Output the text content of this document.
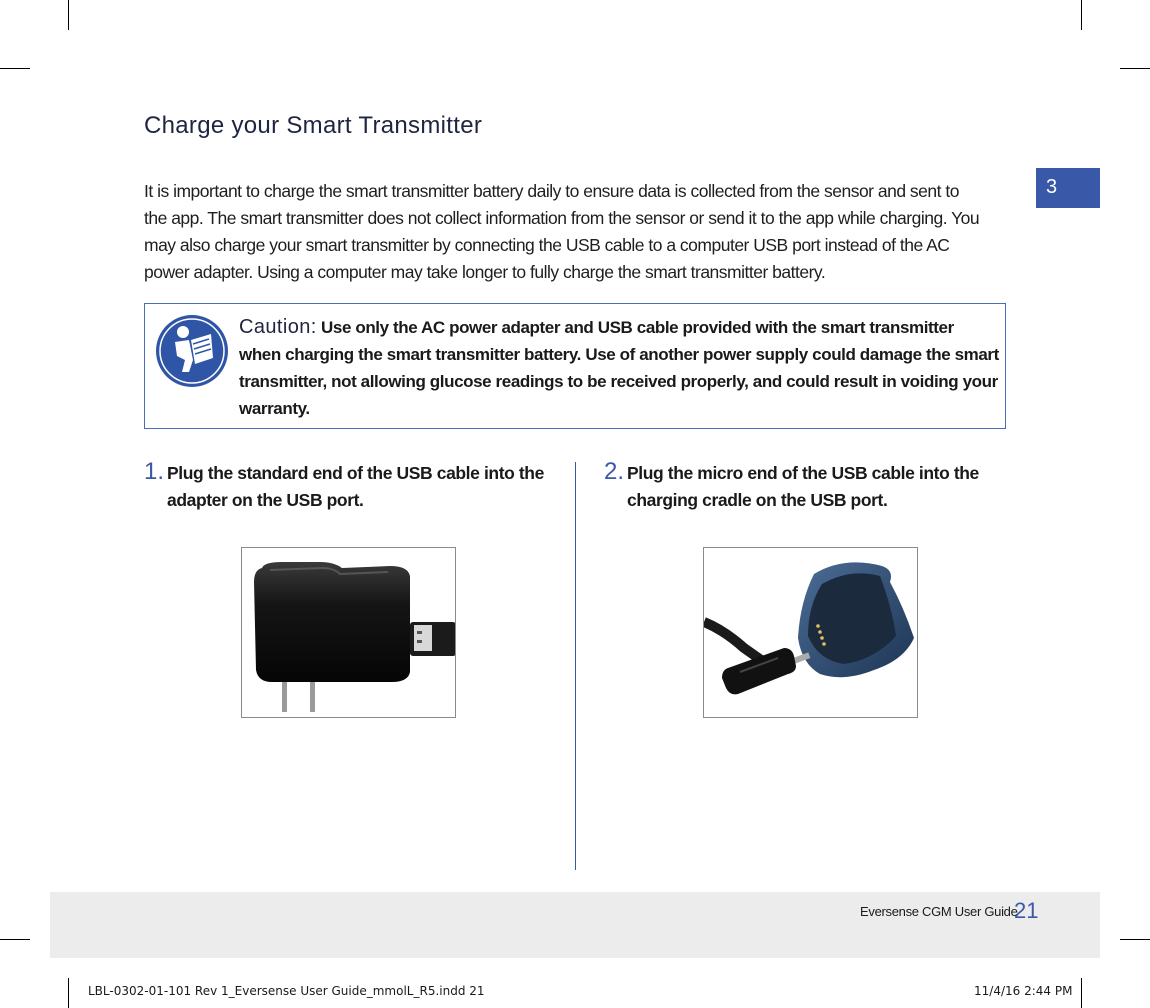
Charge your Smart Transmitter
3
It is important to charge the smart transmitter battery daily to ensure data is collected from the sensor and sent to the app. The smart transmitter does not collect information from the sensor or send it to the app while charging. You may also charge your smart transmitter by connecting the USB cable to a computer USB port instead of the AC power adapter. Using a computer may take longer to fully charge the smart transmitter battery.
Caution: Use only the AC power adapter and USB cable provided with the smart transmitter when charging the smart transmitter battery. Use of another power supply could damage the smart transmitter, not allowing glucose readings to be received properly, and could result in voiding your warranty.
1. Plug the standard end of the USB cable into the adapter on the USB port.
2. Plug the micro end of the USB cable into the charging cradle on the USB port.
Eversense CGM User Guide
21
LBL-0302-01-101 Rev 1_Eversense User Guide_mmolL_R5.indd 21	11/4/16 2:44 PM
